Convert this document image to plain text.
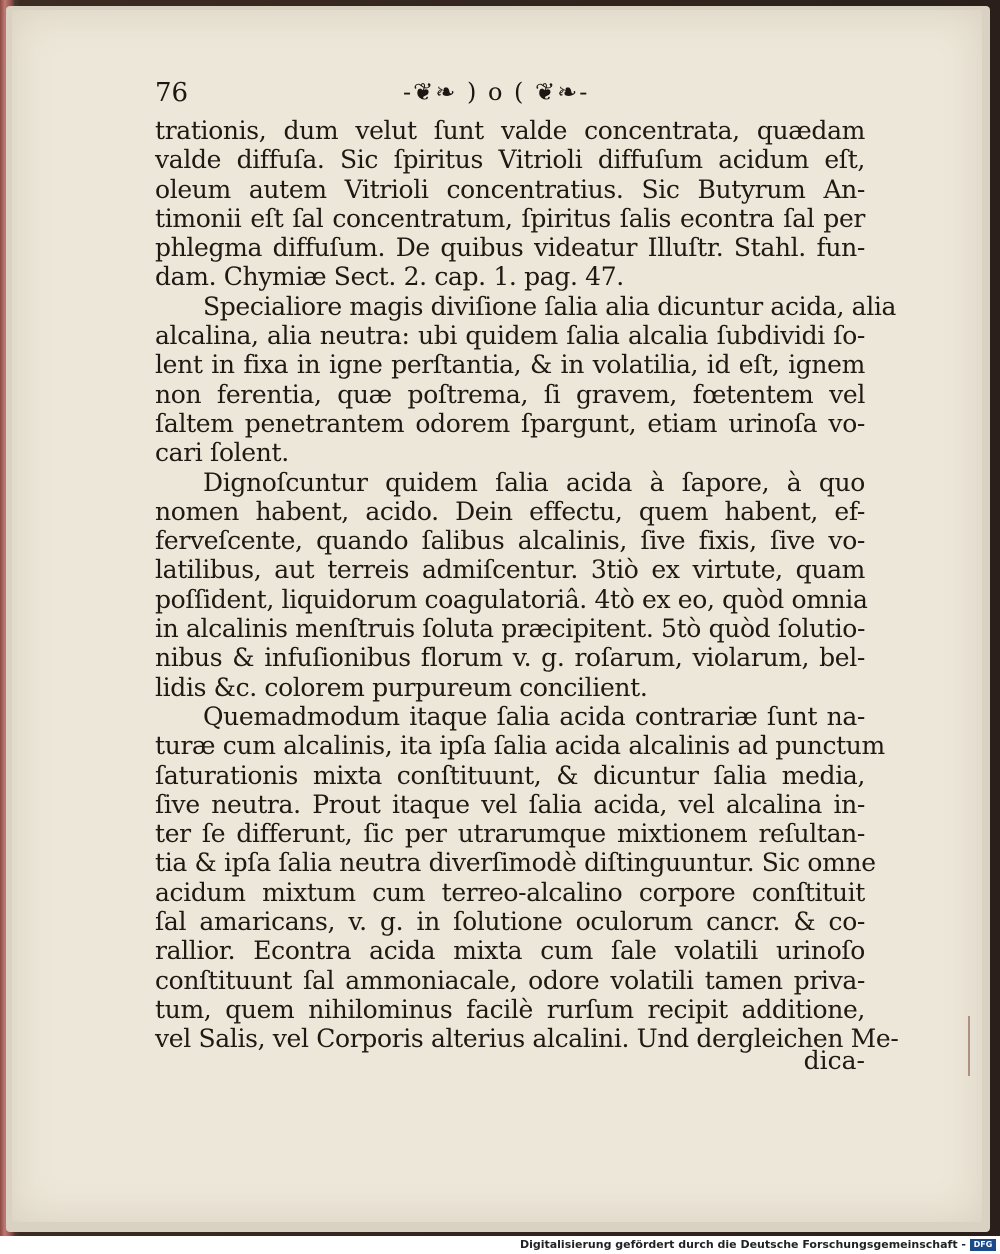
76	-❦❧ ) o ( ❦❧-
trationis, dum velut ſunt valde concentrata, quædam
valde diffuſa. Sic ſpiritus Vitrioli diffuſum acidum eſt,
oleum autem Vitrioli concentratius. Sic Butyrum An-
timonii eſt ſal concentratum, ſpiritus ſalis econtra ſal per
phlegma diffuſum. De quibus videatur Illuſtr. Stahl. fun-
dam. Chymiæ Sect. 2. cap. 1. pag. 47.
Specialiore magis diviſione ſalia alia dicuntur acida, alia
alcalina, alia neutra: ubi quidem ſalia alcalia ſubdividi ſo-
lent in fixa in igne perſtantia, & in volatilia, id eſt, ignem
non ferentia, quæ poſtrema, ſi gravem, fœtentem vel
ſaltem penetrantem odorem ſpargunt, etiam urinoſa vo-
cari ſolent.
Dignoſcuntur quidem ſalia acida à ſapore, à quo
nomen habent, acido. Dein effectu, quem habent, ef-
ferveſcente, quando ſalibus alcalinis, ſive fixis, ſive vo-
latilibus, aut terreis admiſcentur. 3tiò ex virtute, quam
poſſident, liquidorum coagulatoriâ. 4tò ex eo, quòd omnia
in alcalinis menſtruis ſoluta præcipitent. 5tò quòd ſolutio-
nibus & infuſionibus florum v. g. roſarum, violarum, bel-
lidis &c. colorem purpureum concilient.
Quemadmodum itaque ſalia acida contrariæ ſunt na-
turæ cum alcalinis, ita ipſa ſalia acida alcalinis ad punctum
ſaturationis mixta conſtituunt, & dicuntur ſalia media,
ſive neutra. Prout itaque vel ſalia acida, vel alcalina in-
ter ſe differunt, ſic per utrarumque mixtionem reſultan-
tia & ipſa ſalia neutra diverſimodè diſtinguuntur. Sic omne
acidum mixtum cum terreo-alcalino corpore conſtituit
ſal amaricans, v. g. in ſolutione oculorum cancr. & co-
rallior. Econtra acida mixta cum ſale volatili urinoſo
conſtituunt ſal ammoniacale, odore volatili tamen priva-
tum, quem nihilominus facilè rurſum recipit additione,
vel Salis, vel Corporis alterius alcalini. Und dergleichen Me-
dica-
Digitalisierung gefördert durch die Deutsche Forschungsgemeinschaft - DFG
